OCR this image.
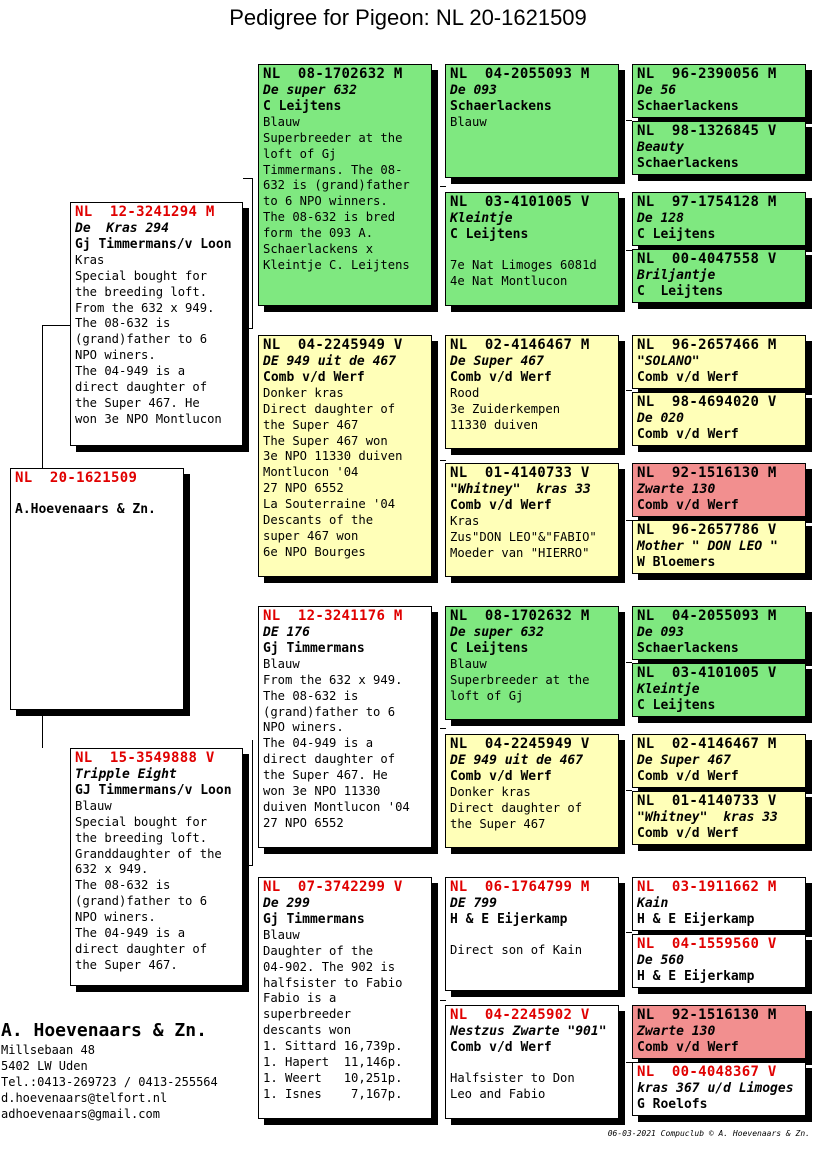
Pedigree for Pigeon: NL 20-1621509
NL  20-1621509
A.Hoevenaars & Zn.
NL  12-3241294 M
De  Kras 294
Gj Timmermans/v Loon
Kras
Special bought for
the breeding loft.
From the 632 x 949.
The 08-632 is
(grand)father to 6
NPO winers.
The 04-949 is a
direct daughter of
the Super 467. He
won 3e NPO Montlucon
NL  15-3549888 V
Tripple Eight
GJ Timmermans/v Loon
Blauw
Special bought for
the breeding loft.
Granddaughter of the
632 x 949.
The 08-632 is
(grand)father to 6
NPO winers.
The 04-949 is a
direct daughter of
the Super 467.
NL  08-1702632 M
De super 632
C Leijtens
Blauw
Superbreeder at the
loft of Gj
Timmermans. The 08-
632 is (grand)father
to 6 NPO winners.
The 08-632 is bred
form the 093 A.
Schaerlackens x
Kleintje C. Leijtens
NL  04-2245949 V
DE 949 uit de 467
Comb v/d Werf
Donker kras
Direct daughter of
the Super 467
The Super 467 won
3e NPO 11330 duiven
Montlucon '04
27 NPO 6552
La Souterraine '04
Descants of the
super 467 won
6e NPO Bourges
NL  12-3241176 M
DE 176
Gj Timmermans
Blauw
From the 632 x 949.
The 08-632 is
(grand)father to 6
NPO winers.
The 04-949 is a
direct daughter of
the Super 467. He
won 3e NPO 11330
duiven Montlucon '04
27 NPO 6552
NL  07-3742299 V
De 299
Gj Timmermans
Blauw
Daughter of the
04-902. The 902 is
halfsister to Fabio
Fabio is a
superbreeder
descants won
1. Sittard 16,739p.
1. Hapert  11,146p.
1. Weert   10,251p.
1. Isnes    7,167p.
NL  04-2055093 M
De 093
Schaerlackens
Blauw
NL  03-4101005 V
Kleintje
C Leijtens
7e Nat Limoges 6081d
4e Nat Montlucon
NL  02-4146467 M
De Super 467
Comb v/d Werf
Rood
3e Zuiderkempen
11330 duiven
NL  01-4140733 V
"Whitney"  kras 33
Comb v/d Werf
Kras
Zus"DON LEO"&"FABIO"
Moeder van "HIERRO"
NL  08-1702632 M
De super 632
C Leijtens
Blauw
Superbreeder at the
loft of Gj
NL  04-2245949 V
DE 949 uit de 467
Comb v/d Werf
Donker kras
Direct daughter of
the Super 467
NL  06-1764799 M
DE 799
H & E Eijerkamp
Direct son of Kain
NL  04-2245902 V
Nestzus Zwarte "901"
Comb v/d Werf
Halfsister to Don
Leo and Fabio
NL  96-2390056 M
De 56
Schaerlackens
NL  98-1326845 V
Beauty
Schaerlackens
NL  97-1754128 M
De 128
C Leijtens
NL  00-4047558 V
Briljantje
C  Leijtens
NL  96-2657466 M
"SOLANO"
Comb v/d Werf
NL  98-4694020 V
De 020
Comb v/d Werf
NL  92-1516130 M
Zwarte 130
Comb v/d Werf
NL  96-2657786 V
Mother " DON LEO "
W Bloemers
NL  04-2055093 M
De 093
Schaerlackens
NL  03-4101005 V
Kleintje
C Leijtens
NL  02-4146467 M
De Super 467
Comb v/d Werf
NL  01-4140733 V
"Whitney"  kras 33
Comb v/d Werf
NL  03-1911662 M
Kain
H & E Eijerkamp
NL  04-1559560 V
De 560
H & E Eijerkamp
NL  92-1516130 M
Zwarte 130
Comb v/d Werf
NL  00-4048367 V
kras 367 u/d Limoges
G Roelofs
A. Hoevenaars & Zn.
Millsebaan 48
5402 LW Uden
Tel.:0413-269723 / 0413-255564
d.hoevenaars@telfort.nl
adhoevenaars@gmail.com
06-03-2021 Compuclub © A. Hoevenaars & Zn.
